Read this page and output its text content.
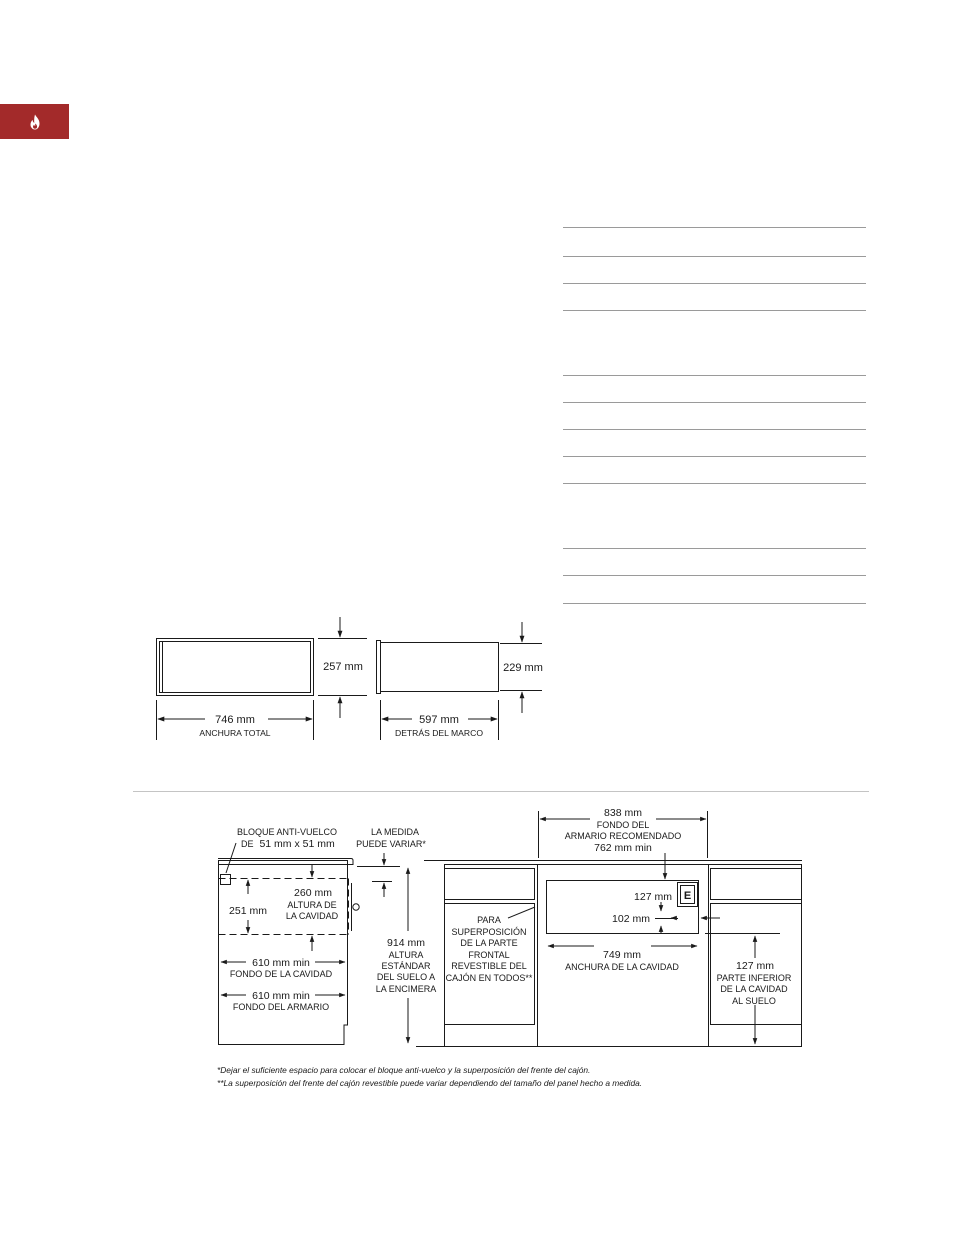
257 mm	229 mm
746 mm
ANCHURA TOTAL
597 mm
DETRÁS DEL MARCO
BLOQUE ANTI-VUELCO
DE 51 mm x 51 mm
LA MEDIDA
PUEDE VARIAR*
260 mm
ALTURA DE
LA CAVIDAD
251 mm
610 mm min
FONDO DE LA CAVIDAD
610 mm min
FONDO DEL ARMARIO
914 mm
ALTURA
ESTÁNDAR
DEL SUELO A
LA ENCIMERA
838 mm
FONDO DEL
ARMARIO RECOMENDADO
762 mm min
PARA
SUPERPOSICIÓN
DE LA PARTE
FRONTAL
REVESTIBLE DEL
CAJÓN EN TODOS**
127 mm E
102 mm
749 mm
ANCHURA DE LA CAVIDAD	127 mm
PARTE INFERIOR
DE LA CAVIDAD
AL SUELO
*Dejar el suficiente espacio para colocar el bloque anti-vuelco y la superposición del frente del cajón.
**La superposición del frente del cajón revestible puede variar dependiendo del tamaño del panel hecho a medida.
